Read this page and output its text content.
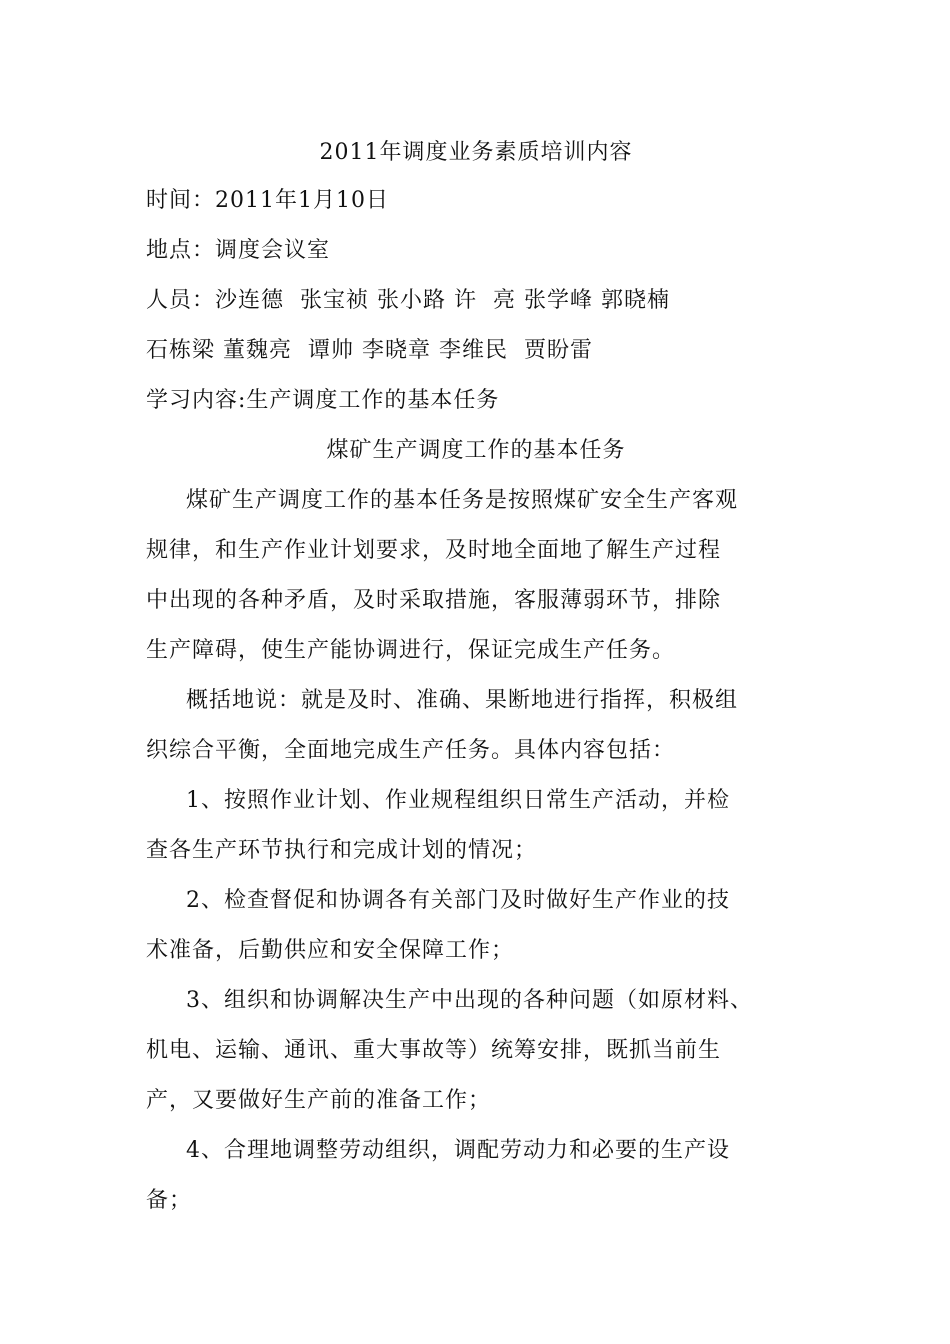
2011年调度业务素质培训内容
时间：2011年1月10日
地点：调度会议室
人员：沙连德  张宝祯 张小路 许  亮 张学峰 郭晓楠
石栋梁 董魏亮  谭帅 李晓章 李维民  贾盼雷
学习内容:生产调度工作的基本任务
煤矿生产调度工作的基本任务
煤矿生产调度工作的基本任务是按照煤矿安全生产客观
规律，和生产作业计划要求，及时地全面地了解生产过程
中出现的各种矛盾，及时采取措施，客服薄弱环节，排除
生产障碍，使生产能协调进行，保证完成生产任务。
概括地说：就是及时、准确、果断地进行指挥，积极组
织综合平衡，全面地完成生产任务。具体内容包括：
1、按照作业计划、作业规程组织日常生产活动，并检
查各生产环节执行和完成计划的情况；
2、检查督促和协调各有关部门及时做好生产作业的技
术准备，后勤供应和安全保障工作；
3、组织和协调解决生产中出现的各种问题（如原材料、
机电、运输、通讯、重大事故等）统筹安排，既抓当前生
产，又要做好生产前的准备工作；
4、合理地调整劳动组织，调配劳动力和必要的生产设
备；
